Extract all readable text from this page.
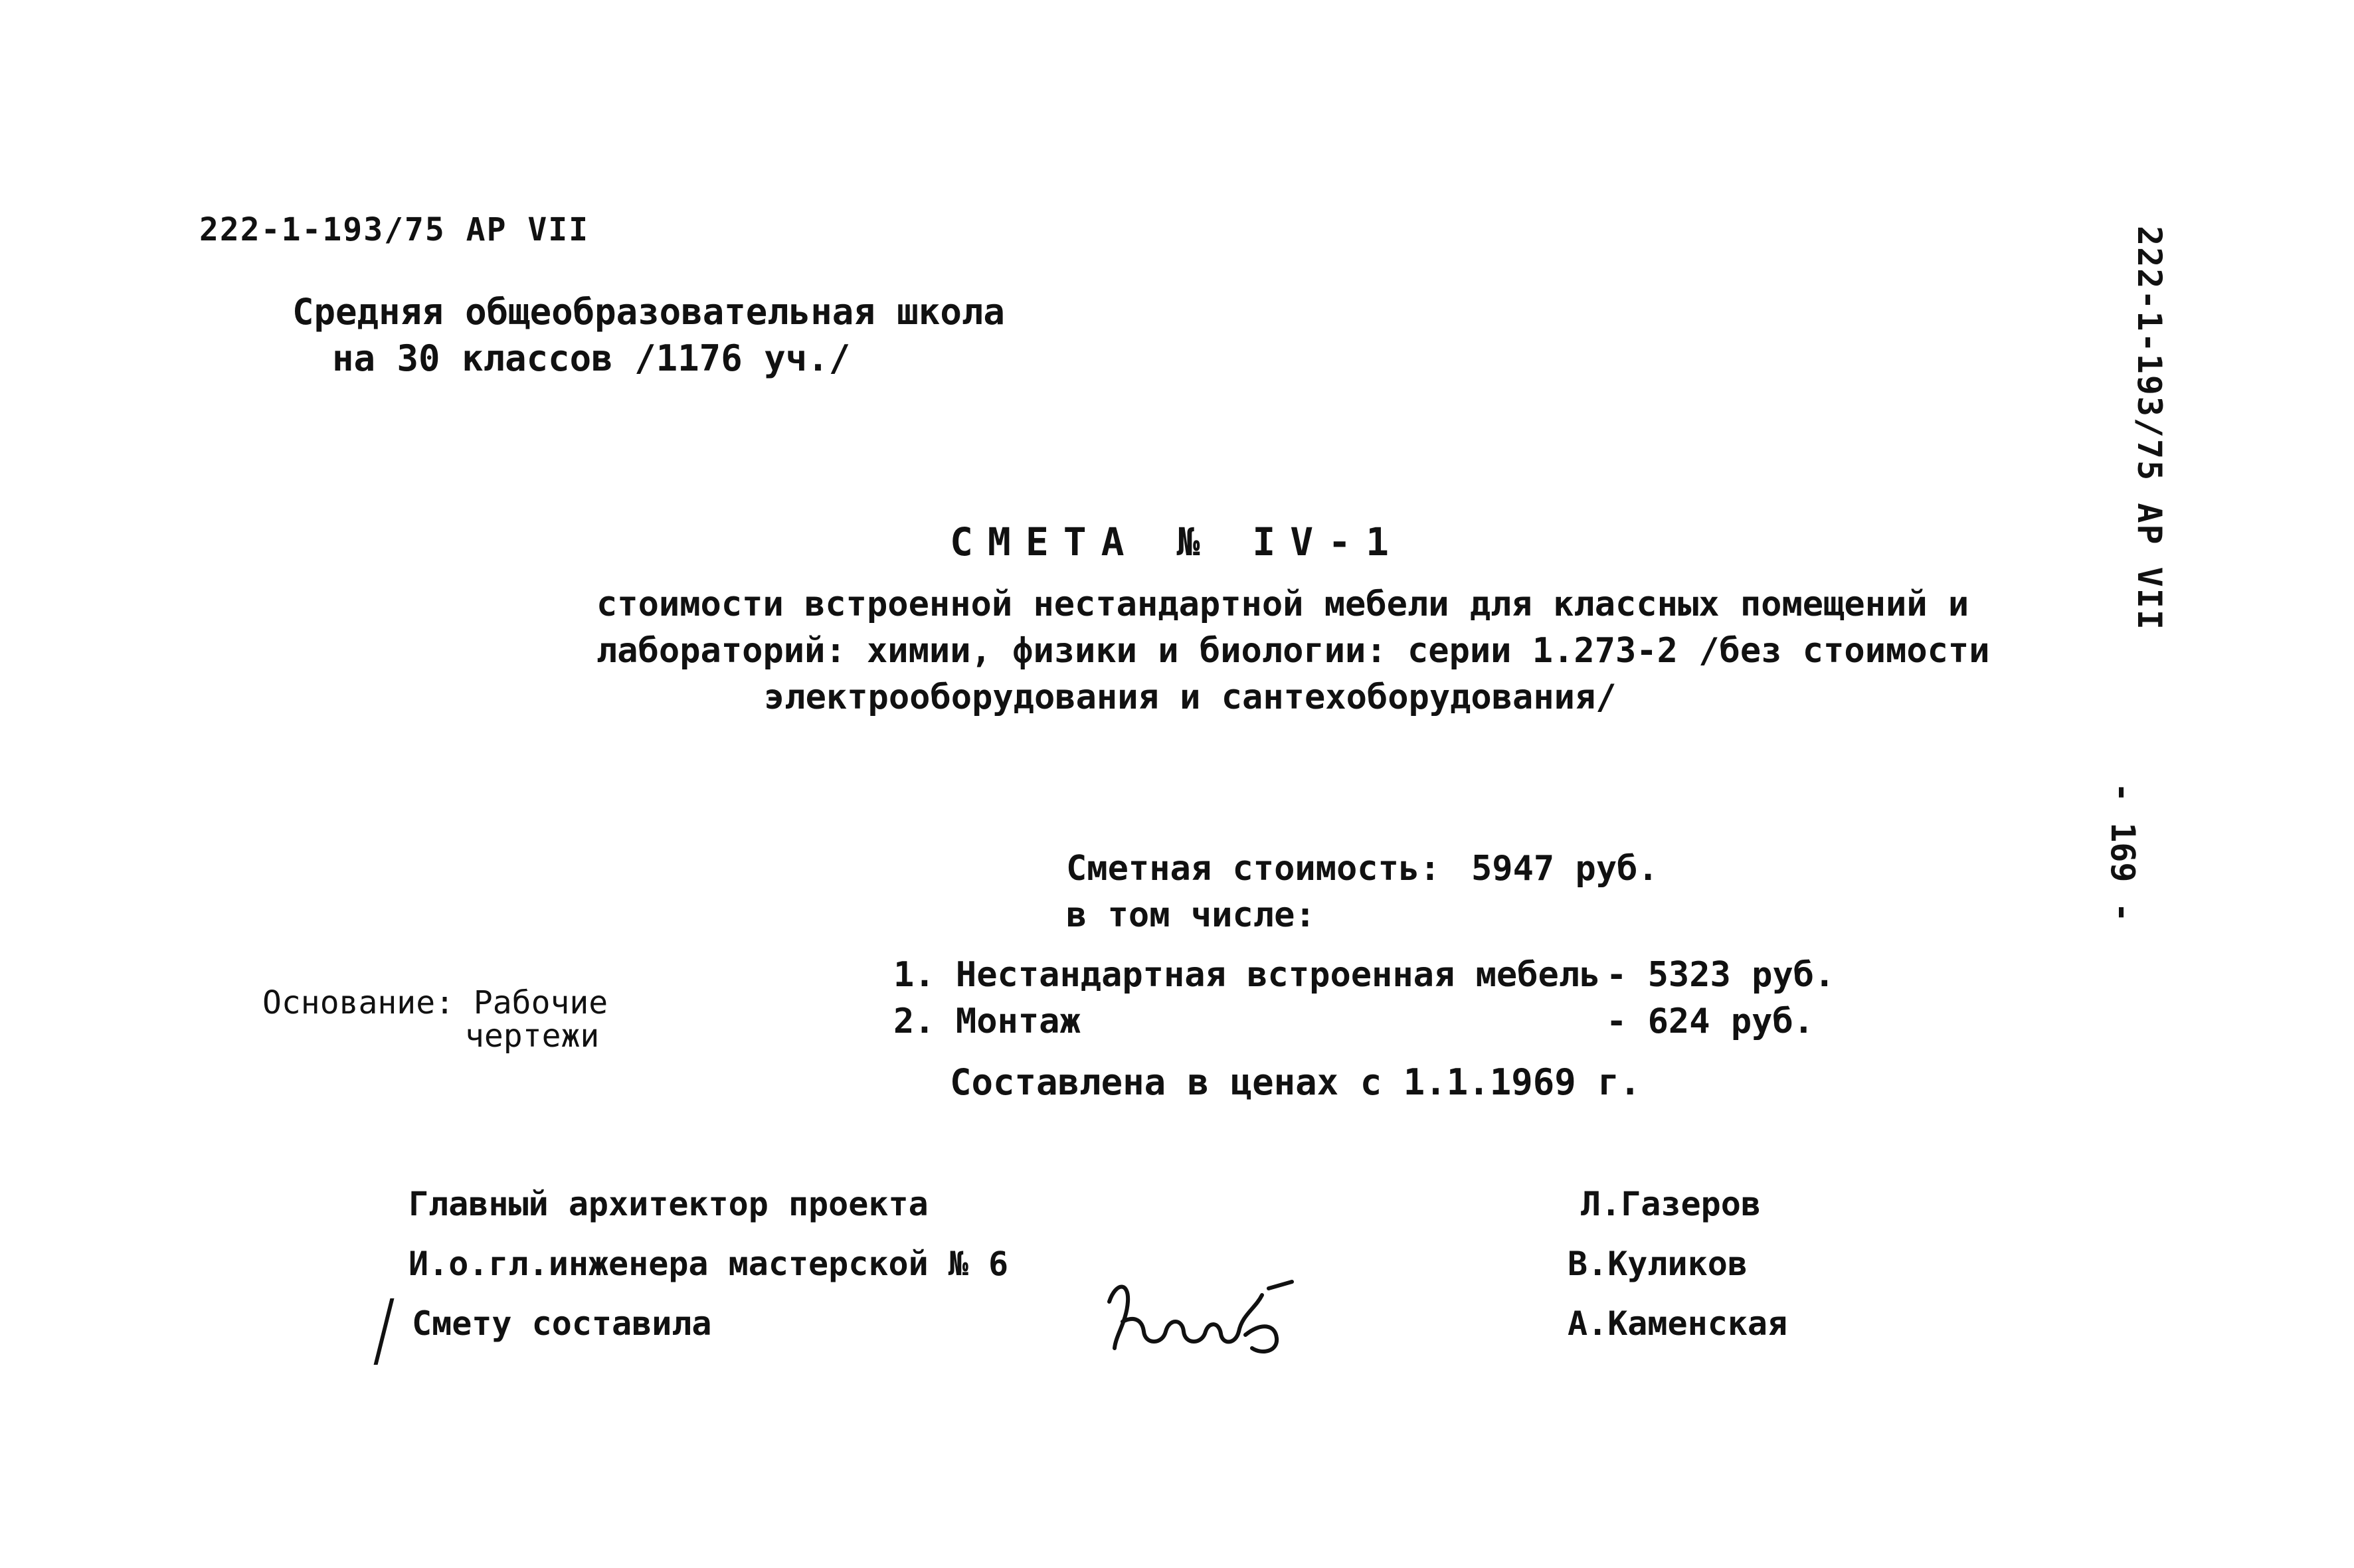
222-1-193/75 АР VII
Средняя общеобразовательная школа
на 30 классов /1176 уч./
СМЕТА № IV-1
стоимости встроенной нестандартной мебели для классных помещений и
лабораторий: химии, физики и биологии: серии 1.273-2 /без стоимости
электрооборудования и сантехоборудования/
Сметная стоимость: 5947 руб.
в том числе:
1. Нестандартная встроенная мебель - 5323 руб.
2. Монтаж	- 624 руб.
Основание: Рабочие
чертежи
Составлена в ценах с 1.1.1969 г.
Главный архитектор проекта	Л.Газеров
И.о.гл.инженера мастерской № 6	В.Куликов
Смету составила	А.Каменская
222-1-193/75 АР VII
- 169 -
